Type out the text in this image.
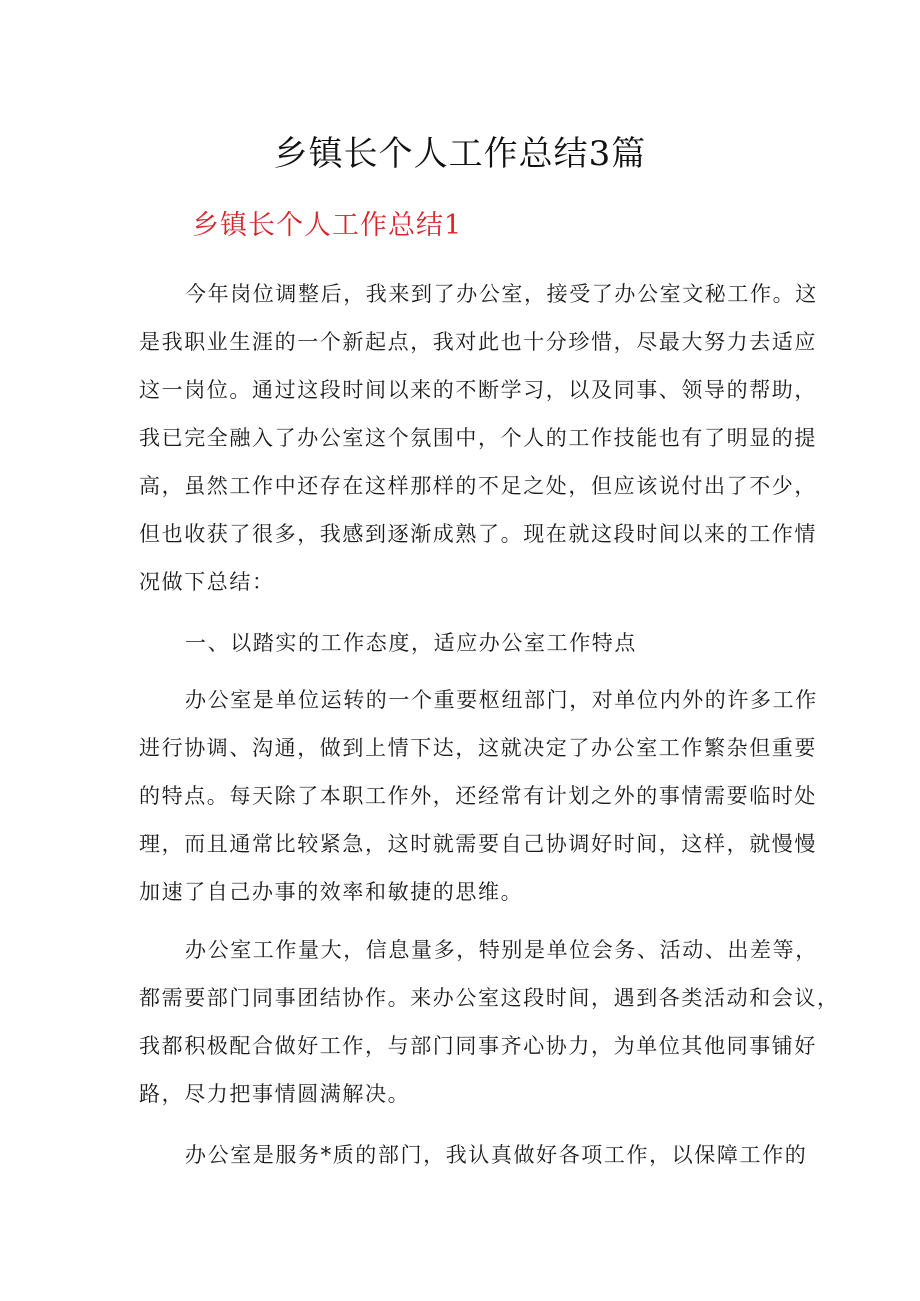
乡镇长个人工作总结3篇
乡镇长个人工作总结1

今年岗位调整后，我来到了办公室，接受了办公室文秘工作。这
是我职业生涯的一个新起点，我对此也十分珍惜，尽最大努力去适应
这一岗位。通过这段时间以来的不断学习，以及同事、领导的帮助，
我已完全融入了办公室这个氛围中，个人的工作技能也有了明显的提
高，虽然工作中还存在这样那样的不足之处，但应该说付出了不少，
但也收获了很多，我感到逐渐成熟了。现在就这段时间以来的工作情
况做下总结：

一、以踏实的工作态度，适应办公室工作特点

办公室是单位运转的一个重要枢纽部门，对单位内外的许多工作
进行协调、沟通，做到上情下达，这就决定了办公室工作繁杂但重要
的特点。每天除了本职工作外，还经常有计划之外的事情需要临时处
理，而且通常比较紧急，这时就需要自己协调好时间，这样，就慢慢
加速了自己办事的效率和敏捷的思维。

办公室工作量大，信息量多，特别是单位会务、活动、出差等，
都需要部门同事团结协作。来办公室这段时间，遇到各类活动和会议，
我都积极配合做好工作，与部门同事齐心协力，为单位其他同事铺好
路，尽力把事情圆满解决。

办公室是服务*质的部门，我认真做好各项工作，以保障工作的
